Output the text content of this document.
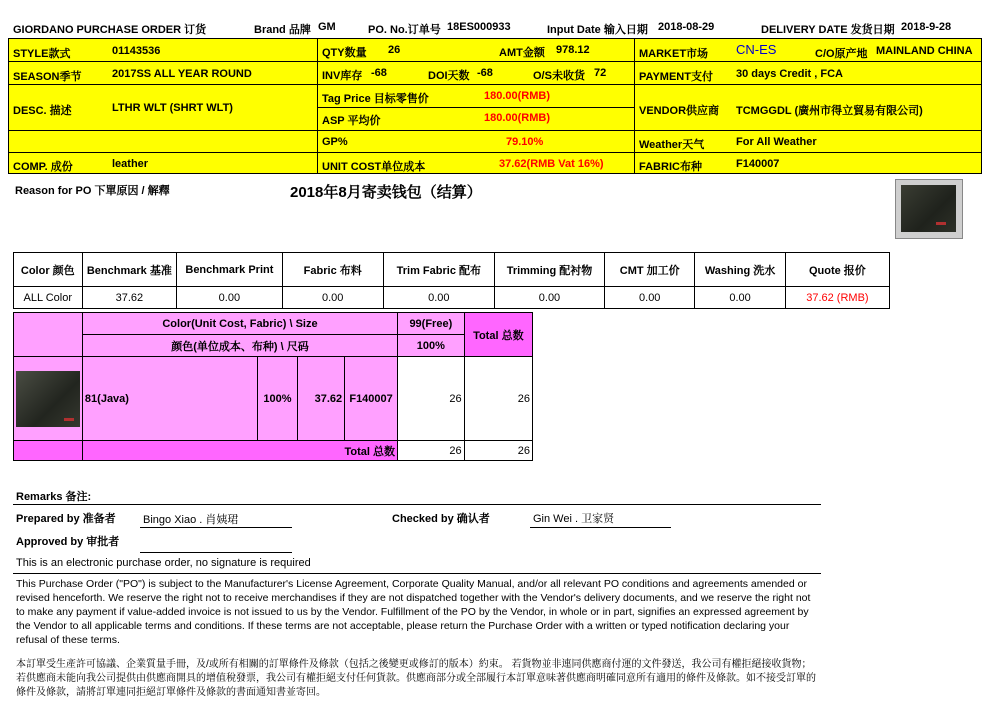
GIORDANO PURCHASE ORDER 订货	Brand 品牌 GM	PO. No.订单号 18ES000933	Input Date 输入日期 2018-08-29	DELIVERY DATE 发货日期 2018-9-28
STYLE款式	01143536	QTY数量 26	AMT金额 978.12	MARKET市场 CN-ES	C/O原产地 MAINLAND CHINA
SEASON季节	2017SS ALL YEAR ROUND	INV库存 -68	DOI天数 -68	O/S未收货 72	PAYMENT支付 30 days Credit , FCA
DESC. 描述	LTHR WLT (SHRT WLT)
Tag Price 目标零售价	180.00(RMB)
ASP 平均价	180.00(RMB)
VENDOR供应商 TCMGGDL (廣州市得立貿易有限公司)
GP%	79.10%	Weather天气	For All Weather
COMP. 成份	leather	UNIT COST单位成本	37.62(RMB Vat 16%)	FABRIC布种	F140007
Reason for PO 下單原因 / 解釋	2018年8月寄卖钱包（结算）
Color 颜色	Benchmark 基准	Benchmark Print	Fabric 布料	Trim Fabric 配布	Trimming 配衬物	CMT 加工价	Washing 洗水	Quote 报价
ALL Color	37.62	0.00	0.00	0.00	0.00	0.00	0.00	37.62 (RMB)
	Color(Unit Cost, Fabric) \ Size				99(Free)	Total 总数
	颜色(单位成本、布种) \ 尺码				100%	

	81(Java)	100%	37.62	F140007	26	26
	Total 总数				26	26
Remarks 备注:
Prepared by 准备者 Bingo Xiao . 肖姨珺	Checked by 确认者	Gin Wei . 卫家贤
Approved by 审批者
This is an electronic purchase order, no signature is required
This Purchase Order ("PO") is subject to the Manufacturer's License Agreement, Corporate Quality Manual, and/or all relevant PO conditions and agreements amended or revised henceforth. We reserve the right not to receive merchandises if they are not dispatched together with the Vendor's delivery documents, and we reserve the right not to make any payment if value-added invoice is not issued to us by the Vendor. Fulfillment of the PO by the Vendor, in whole or in part, signifies an expressed agreement by the Vendor to all applicable terms and conditions. If these terms are not acceptable, please return the Purchase Order with a written or typed notification declaring your refusal of these terms.
本訂單受生產許可協議、企業質量手冊，及/或所有相關的訂單條件及條款（包括之後變更或修訂的版本）約束。 若貨物並非連同供應商付運的文件發送，我公司有權拒絕接收貨物；若供應商未能向我公司提供由供應商開具的增值稅發票，我公司有權拒絕支付任何貨款。供應商部分或全部履行本訂單意味著供應商明確同意所有適用的條件及條款。如不接受訂單的條件及條款，請將訂單連同拒絕訂單條件及條款的書面通知書並寄回。
